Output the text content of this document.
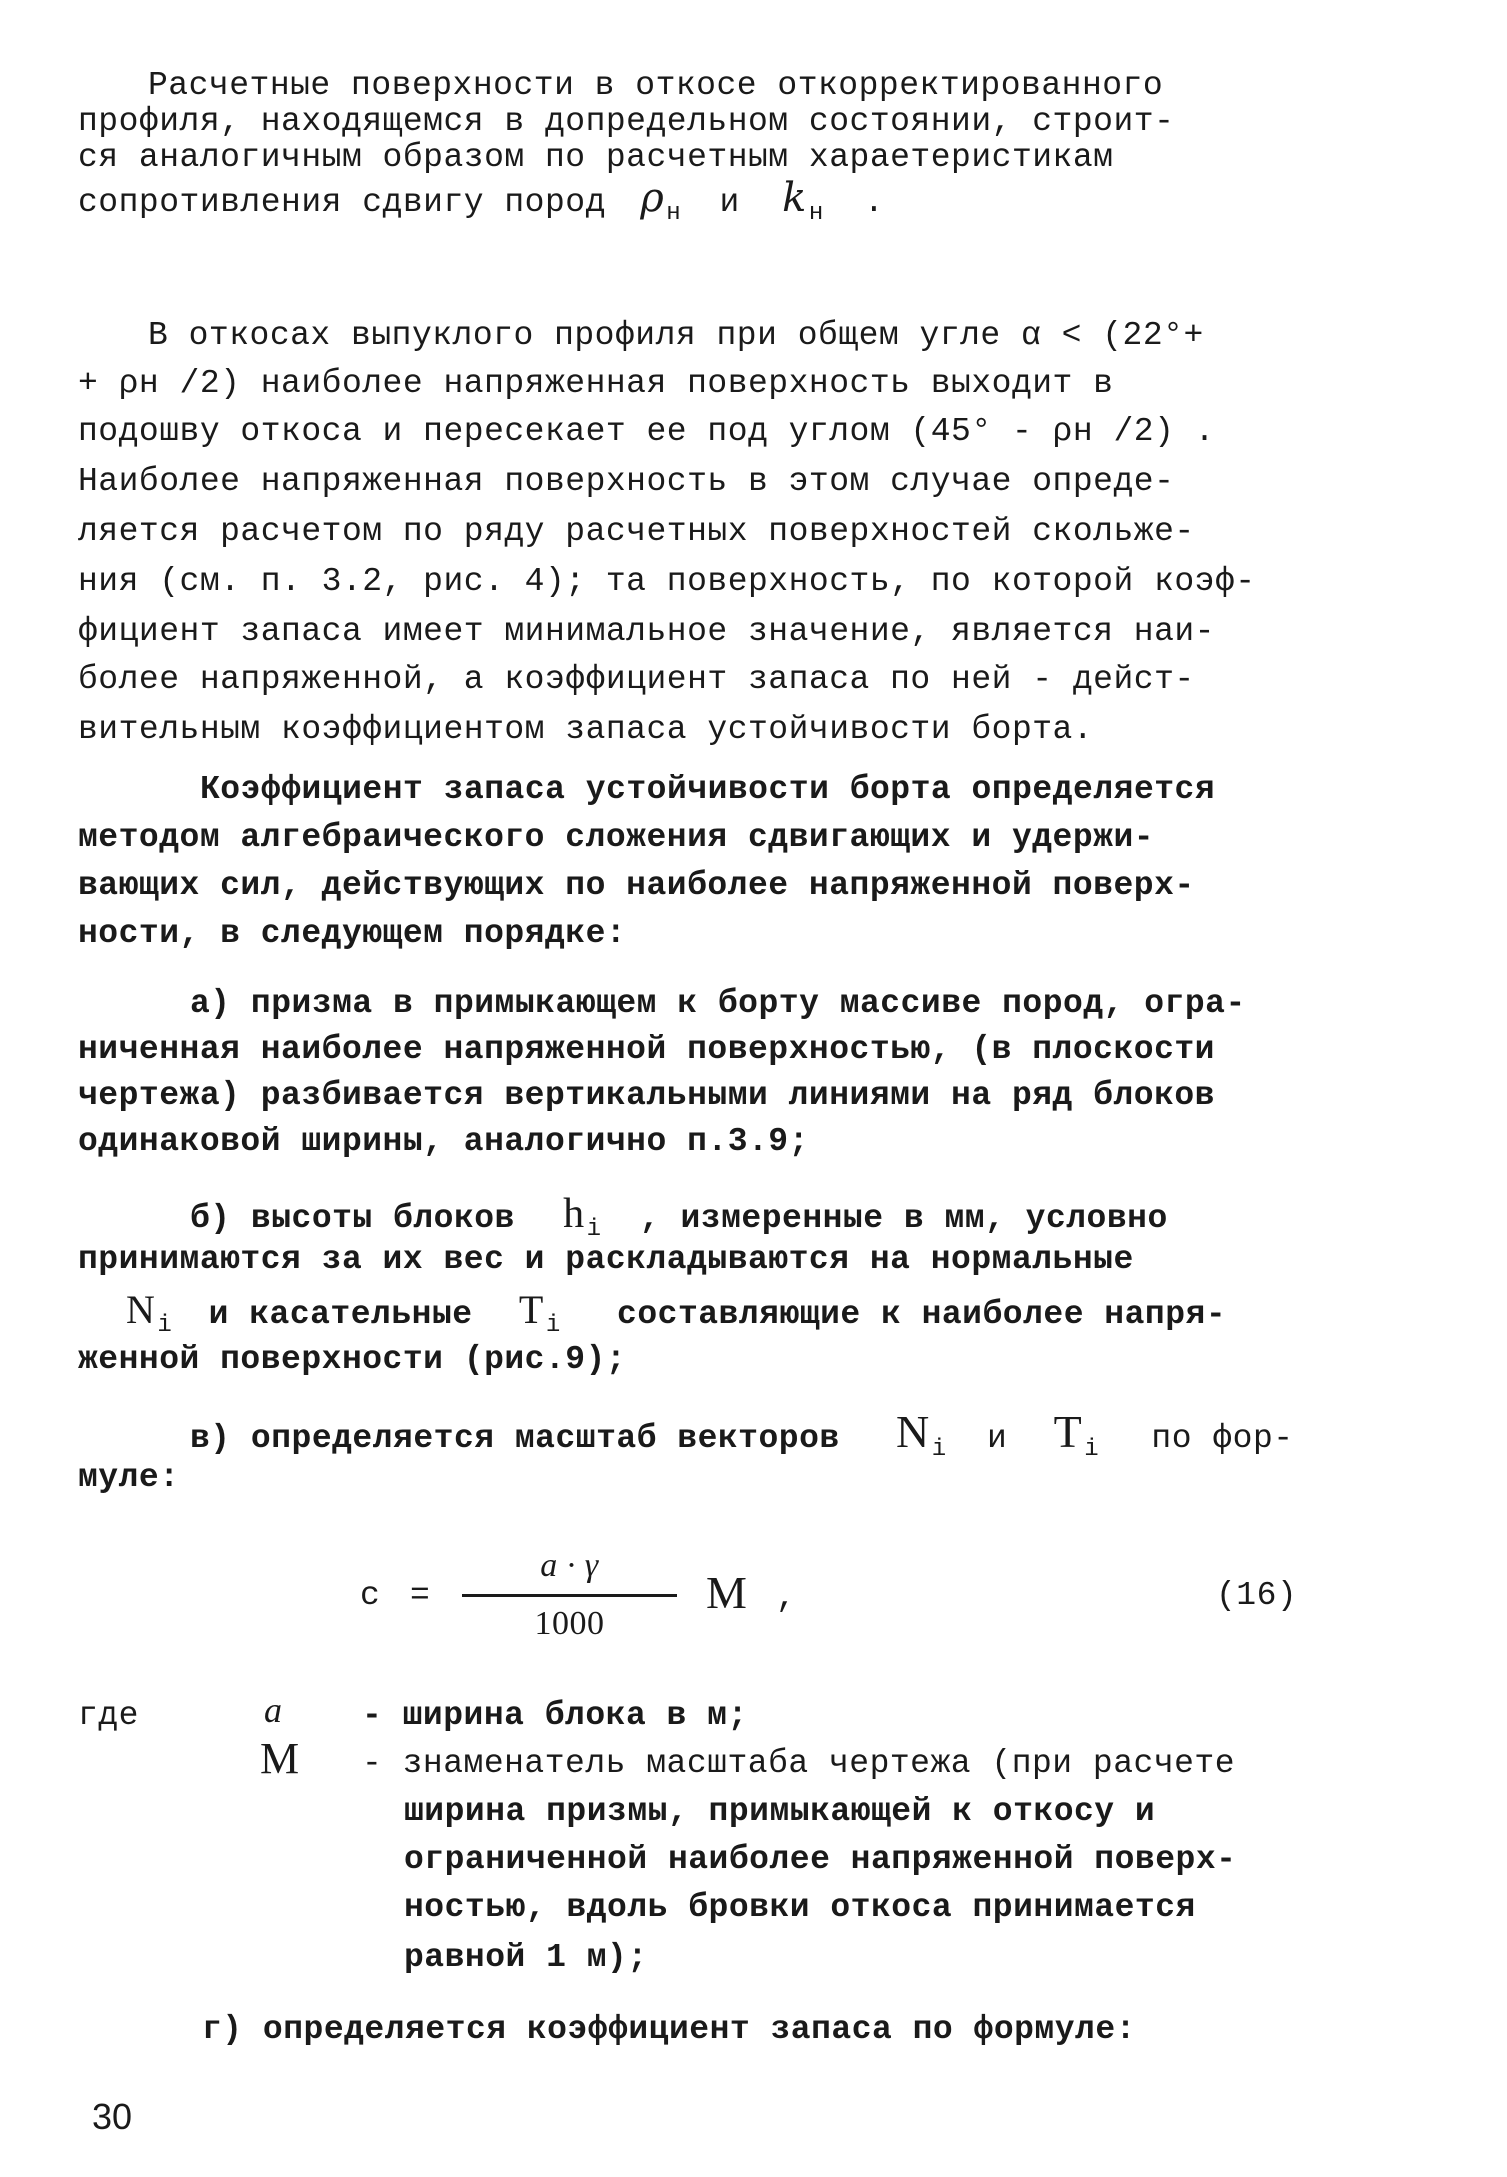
Расчетные поверхности в откосе откорректированного
профиля, находящемся в допредельном состоянии, строит-
ся аналогичным образом по расчетным хараетеристикам
сопротивления сдвигу пород $\rho_н$ и $k_н$ .
В откосах выпуклого профиля при общем угле α < (22°+
+ ρн /2) наиболее напряженная поверхность выходит в
подошву откоса и пересекает ее под углом (45° - ρн /2) .
Наиболее напряженная поверхность в этом случае опреде-
ляется расчетом по ряду расчетных поверхностей скольже-
ния (см. п. 3.2, рис. 4); та поверхность, по которой коэф-
фициент запаса имеет минимальное значение, является наи-
более напряженной, а коэффициент запаса по ней - дейст-
вительным коэффициентом запаса устойчивости борта.
Коэффициент запаса устойчивости борта определяется
методом алгебраического сложения сдвигающих и удержи-
вающих сил, действующих по наиболее напряженной поверх-
ности, в следующем порядке:
а) призма в примыкающем к борту массиве пород, огра-
ниченная наиболее напряженной поверхностью, (в плоскости
чертежа) разбивается вертикальными линиями на ряд блоков
одинаковой ширины, аналогично п.3.9;
б) высоты блоков $h_i$ , измеренные в мм, условно
принимаются за их вес и раскладываются на нормальные
$N_i$ и касательные $T_i$ составляющие к наиболее напря-
женной поверхности (рис.9);
в) определяется масштаб векторов $N_i$ и $T_i$ по фор-
муле:
c =
a · γ
1000
M ,	(16)
где	a - ширина блока в м;
M - знаменатель масштаба чертежа (при расчете
ширина призмы, примыкающей к откосу и
ограниченной наиболее напряженной поверх-
ностью, вдоль бровки откоса принимается
равной 1 м);
г) определяется коэффициент запаса по формуле:
30
